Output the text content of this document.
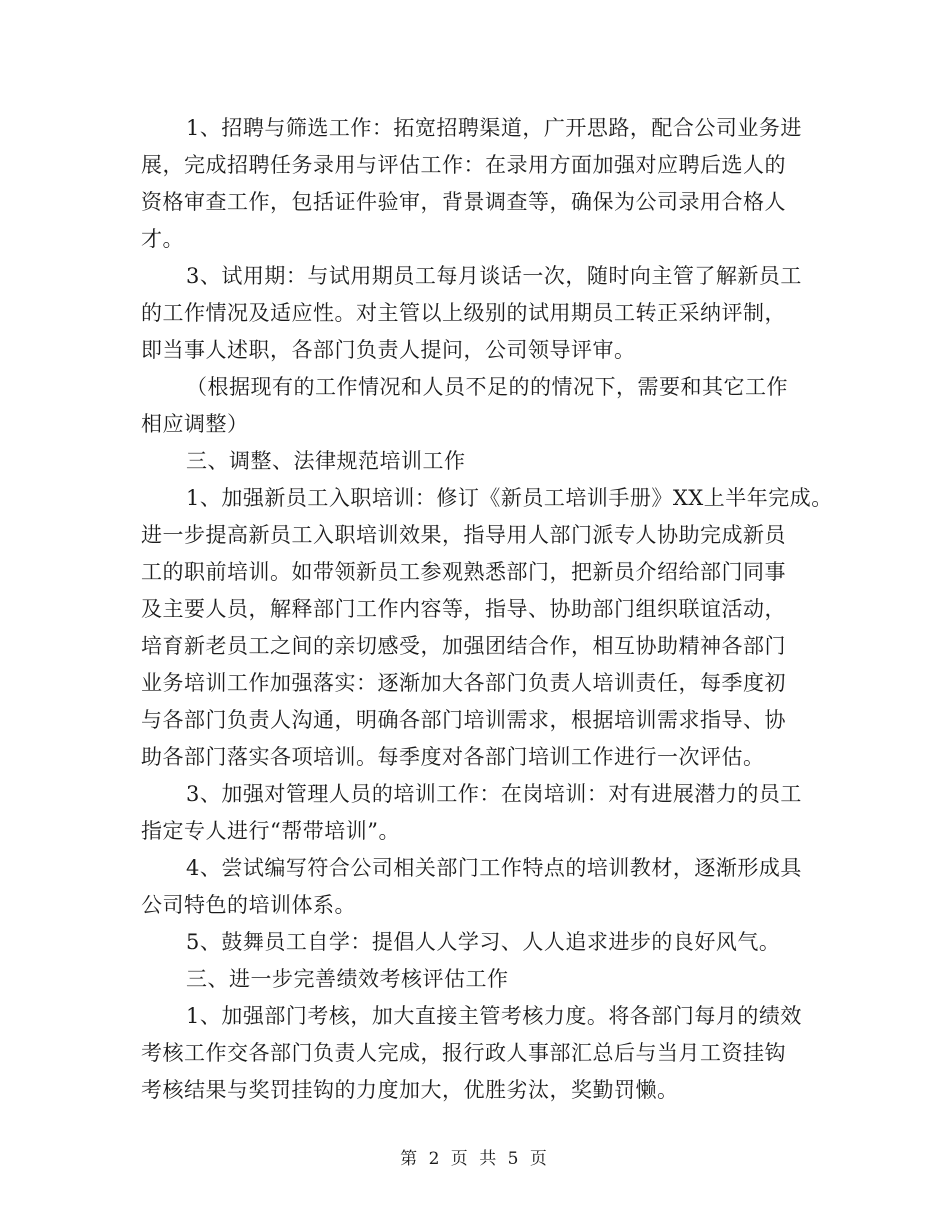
1、招聘与筛选工作：拓宽招聘渠道，广开思路，配合公司业务进
展，完成招聘任务录用与评估工作：在录用方面加强对应聘后选人的
资格审查工作，包括证件验审，背景调查等，确保为公司录用合格人
才。
3、试用期：与试用期员工每月谈话一次，随时向主管了解新员工
的工作情况及适应性。对主管以上级别的试用期员工转正采纳评制，
即当事人述职，各部门负责人提问，公司领导评审。
（根据现有的工作情况和人员不足的的情况下，需要和其它工作
相应调整）
三、调整、法律规范培训工作
1、加强新员工入职培训：修订《新员工培训手册》XX上半年完成。
进一步提高新员工入职培训效果，指导用人部门派专人协助完成新员
工的职前培训。如带领新员工参观熟悉部门，把新员介绍给部门同事
及主要人员，解释部门工作内容等，指导、协助部门组织联谊活动，
培育新老员工之间的亲切感受，加强团结合作，相互协助精神各部门
业务培训工作加强落实：逐渐加大各部门负责人培训责任，每季度初
与各部门负责人沟通，明确各部门培训需求，根据培训需求指导、协
助各部门落实各项培训。每季度对各部门培训工作进行一次评估。
3、加强对管理人员的培训工作：在岗培训：对有进展潜力的员工
指定专人进行“帮带培训”。
4、尝试编写符合公司相关部门工作特点的培训教材，逐渐形成具
公司特色的培训体系。
5、鼓舞员工自学：提倡人人学习、人人追求进步的良好风气。
三、进一步完善绩效考核评估工作
1、加强部门考核，加大直接主管考核力度。将各部门每月的绩效
考核工作交各部门负责人完成，报行政人事部汇总后与当月工资挂钩
考核结果与奖罚挂钩的力度加大，优胜劣汰，奖勤罚懒。
第 2 页 共 5 页
